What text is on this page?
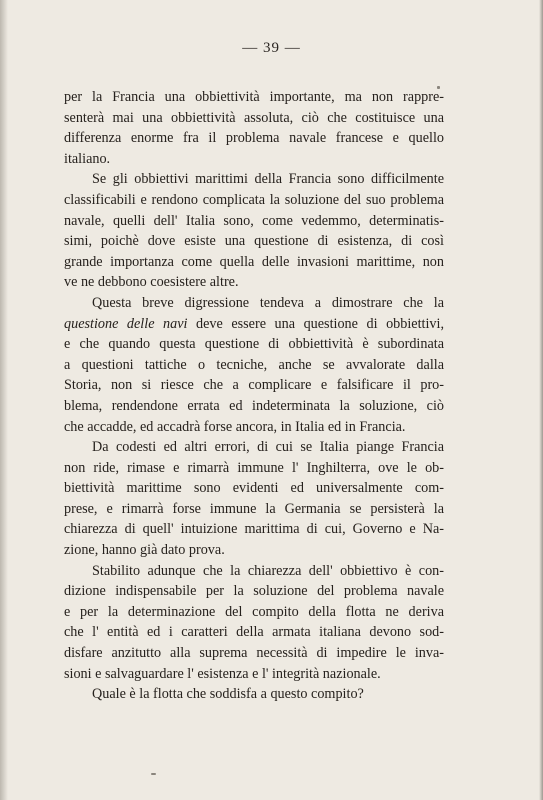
— 39 —
per la Francia una obbiettività importante, ma non rappre-
senterà mai una obbiettività assoluta, ciò che costituisce una
differenza enorme fra il problema navale francese e quello
italiano.
Se gli obbiettivi marittimi della Francia sono difficilmente
classificabili e rendono complicata la soluzione del suo problema
navale, quelli dell' Italia sono, come vedemmo, determinatis-
simi, poichè dove esiste una questione di esistenza, di così
grande importanza come quella delle invasioni marittime, non
ve ne debbono coesistere altre.
Questa breve digressione tendeva a dimostrare che la
questione delle navi deve essere una questione di obbiettivi,
e che quando questa questione di obbiettività è subordinata
a questioni tattiche o tecniche, anche se avvalorate dalla
Storia, non si riesce che a complicare e falsificare il pro-
blema, rendendone errata ed indeterminata la soluzione, ciò
che accadde, ed accadrà forse ancora, in Italia ed in Francia.
Da codesti ed altri errori, di cui se Italia piange Francia
non ride, rimase e rimarrà immune l' Inghilterra, ove le ob-
biettività marittime sono evidenti ed universalmente com-
prese, e rimarrà forse immune la Germania se persisterà la
chiarezza di quell' intuizione marittima di cui, Governo e Na-
zione, hanno già dato prova.
Stabilito adunque che la chiarezza dell' obbiettivo è con-
dizione indispensabile per la soluzione del problema navale
e per la determinazione del compito della flotta ne deriva
che l' entità ed i caratteri della armata italiana devono sod-
disfare anzitutto alla suprema necessità di impedire le inva-
sioni e salvaguardare l' esistenza e l' integrità nazionale.
Quale è la flotta che soddisfa a questo compito?
